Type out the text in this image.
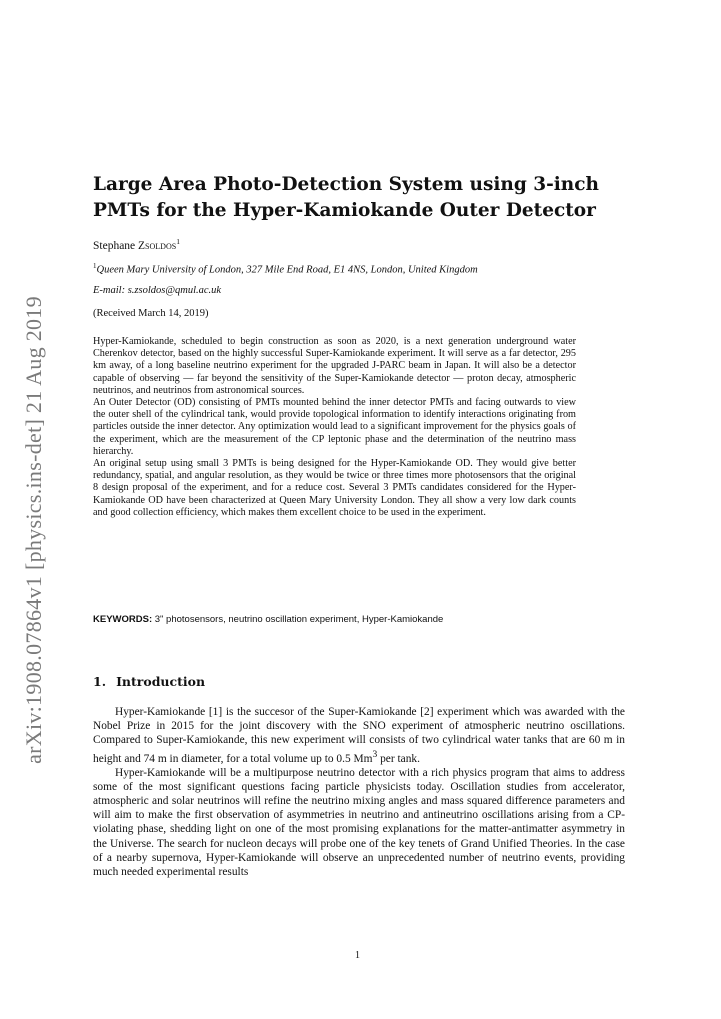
arXiv:1908.07864v1 [physics.ins-det] 21 Aug 2019
Large Area Photo-Detection System using 3-inch PMTs for the Hyper-Kamiokande Outer Detector
Stephane Zsoldos$^1$
$^1$Queen Mary University of London, 327 Mile End Road, E1 4NS, London, United Kingdom
E-mail: s.zsoldos@qmul.ac.uk
(Received March 14, 2019)

Hyper-Kamiokande, scheduled to begin construction as soon as 2020, is a next generation underground water Cherenkov detector, based on the highly successful Super-Kamiokande experiment. It will serve as a far detector, 295 km away, of a long baseline neutrino experiment for the upgraded J-PARC beam in Japan. It will also be a detector capable of observing — far beyond the sensitivity of the Super-Kamiokande detector — proton decay, atmospheric neutrinos, and neutrinos from astronomical sources.

An Outer Detector (OD) consisting of PMTs mounted behind the inner detector PMTs and facing outwards to view the outer shell of the cylindrical tank, would provide topological information to identify interactions originating from particles outside the inner detector. Any optimization would lead to a significant improvement for the physics goals of the experiment, which are the measurement of the CP leptonic phase and the determination of the neutrino mass hierarchy.

An original setup using small 3 PMTs is being designed for the Hyper-Kamiokande OD. They would give better redundancy, spatial, and angular resolution, as they would be twice or three times more photosensors that the original 8 design proposal of the experiment, and for a reduce cost. Several 3 PMTs candidates considered for the Hyper-Kamiokande OD have been characterized at Queen Mary University London. They all show a very low dark counts and good collection efficiency, which makes them excellent choice to be used in the experiment.

KEYWORDS: 3" photosensors, neutrino oscillation experiment, Hyper-Kamiokande
1. Introduction

Hyper-Kamiokande [1] is the succesor of the Super-Kamiokande [2] experiment which was awarded with the Nobel Prize in 2015 for the joint discovery with the SNO experiment of atmospheric neutrino oscillations. Compared to Super-Kamiokande, this new experiment will consists of two cylindrical water tanks that are 60 m in height and 74 m in diameter, for a total volume up to 0.5 Mm$^3$ per tank.

Hyper-Kamiokande will be a multipurpose neutrino detector with a rich physics program that aims to address some of the most significant questions facing particle physicists today. Oscillation studies from accelerator, atmospheric and solar neutrinos will refine the neutrino mixing angles and mass squared difference parameters and will aim to make the first observation of asymmetries in neutrino and antineutrino oscillations arising from a CP-violating phase, shedding light on one of the most promising explanations for the matter-antimatter asymmetry in the Universe. The search for nucleon decays will probe one of the key tenets of Grand Unified Theories. In the case of a nearby supernova, Hyper-Kamiokande will observe an unprecedented number of neutrino events, providing much needed experimental results

1
